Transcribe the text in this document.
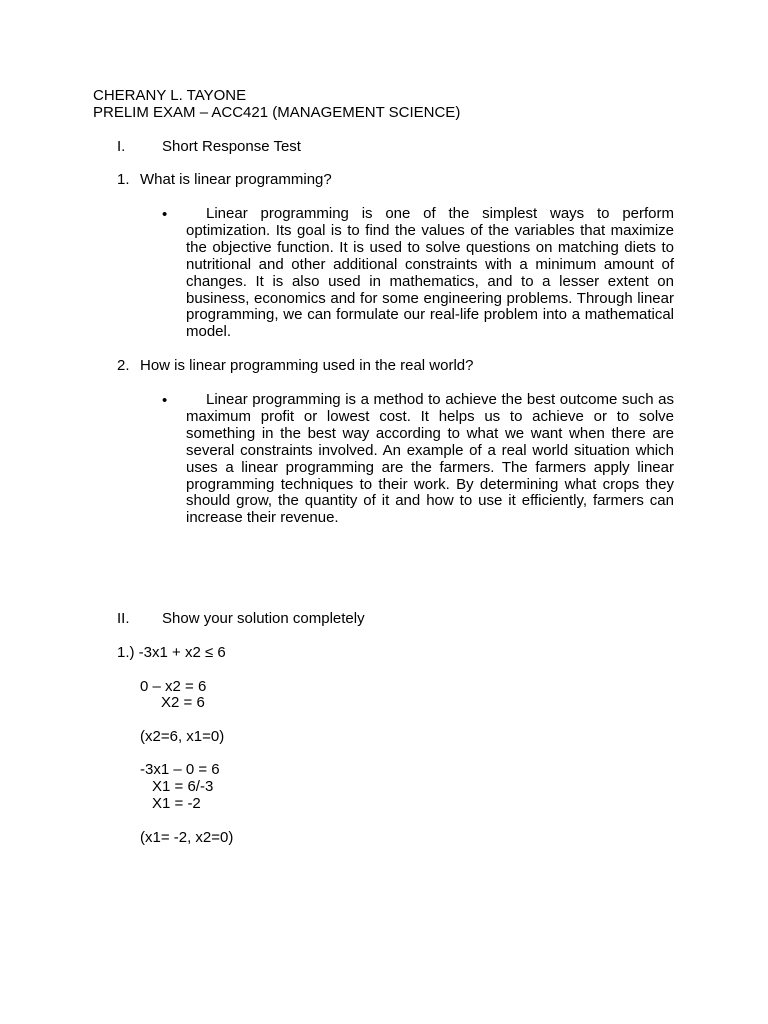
CHERANY L. TAYONE
PRELIM EXAM – ACC421 (MANAGEMENT SCIENCE)
I. Short Response Test
1. What is linear programming?
•	Linear programming is one of the simplest ways to perform optimization. Its goal is to find the values of the variables that maximize the objective function. It is used to solve questions on matching diets to nutritional and other additional constraints with a minimum amount of changes. It is also used in mathematics, and to a lesser extent on business, economics and for some engineering problems. Through linear programming, we can formulate our real-life problem into a mathematical model.
2. How is linear programming used in the real world?
•	Linear programming is a method to achieve the best outcome such as maximum profit or lowest cost. It helps us to achieve or to solve something in the best way according to what we want when there are several constraints involved. An example of a real world situation which uses a linear programming are the farmers. The farmers apply linear programming techniques to their work. By determining what crops they should grow, the quantity of it and how to use it efficiently, farmers can increase their revenue.
II. Show your solution completely
1.) -3x1 + x2 ≤ 6
0 – x2 = 6
X2 = 6
(x2=6, x1=0)
-3x1 – 0 = 6
X1 = 6/-3
X1 = -2
(x1= -2, x2=0)
